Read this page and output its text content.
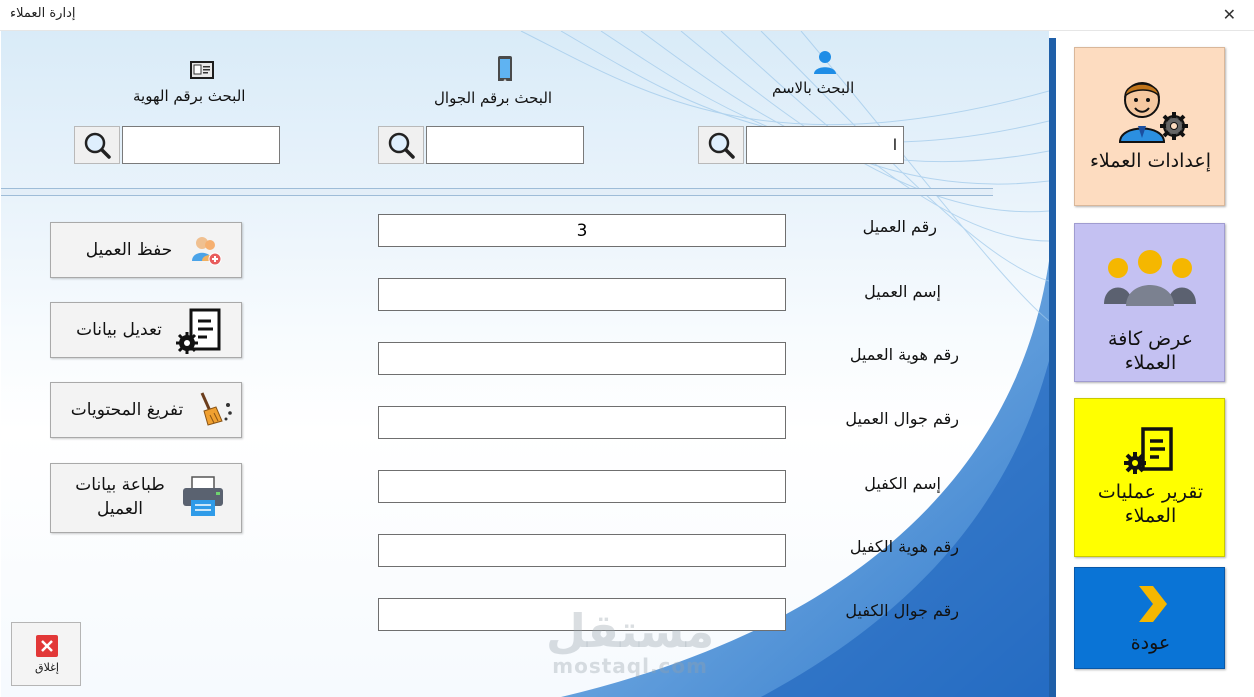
إدارة العملاء	✕
البحث برقم الهوية	البحث برقم الجوال
البحث بالاسم
ا
رقم العميل
3
إسم العميل
رقم هوية العميل
رقم جوال العميل
إسم الكفيل
رقم هوية الكفيل
رقم جوال الكفيل
حفظ العميل
تعديل بيانات
تفريغ المحتويات
طباعة بيانات
العميل
إغلاق
مستقل
mostaql.com
إعدادات العملاء
عرض كافة
العملاء
تقرير عمليات
العملاء
عودة
